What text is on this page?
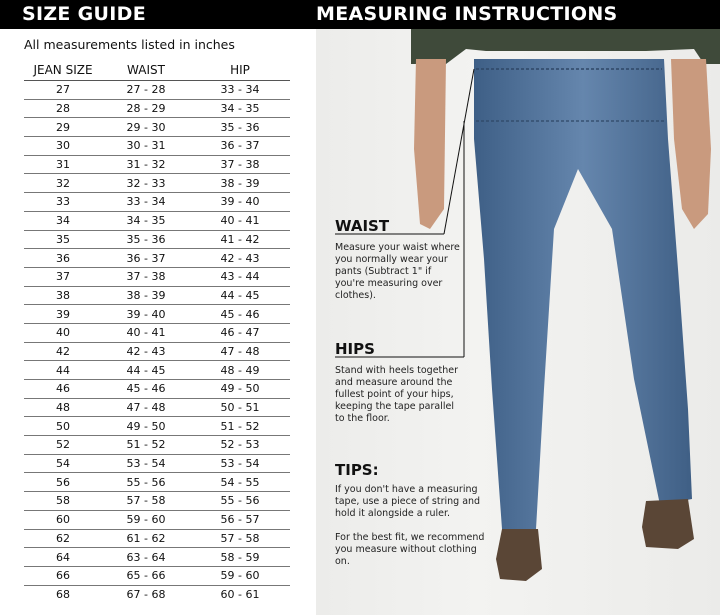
SIZE GUIDE	MEASURING INSTRUCTIONS
All measurements listed in inches
JEAN SIZE	WAIST	HIP
27	27 - 28	33 - 34
28	28 - 29	34 - 35
29	29 - 30	35 - 36
30	30 - 31	36 - 37
31	31 - 32	37 - 38
32	32 - 33	38 - 39
33	33 - 34	39 - 40
34	34 - 35	40 - 41
35	35 - 36	41 - 42
36	36 - 37	42 - 43
37	37 - 38	43 - 44
38	38 - 39	44 - 45
39	39 - 40	45 - 46
40	40 - 41	46 - 47
42	42 - 43	47 - 48
44	44 - 45	48 - 49
46	45 - 46	49 - 50
48	47 - 48	50 - 51
50	49 - 50	51 - 52
52	51 - 52	52 - 53
54	53 - 54	53 - 54
56	55 - 56	54 - 55
58	57 - 58	55 - 56
60	59 - 60	56 - 57
62	61 - 62	57 - 58
64	63 - 64	58 - 59
66	65 - 66	59 - 60
68	67 - 68	60 - 61
WAIST
Measure your waist where you normally wear your pants (Subtract 1" if you're measuring over clothes).
HIPS
Stand with heels together and measure around the fullest point of your hips, keeping the tape parallel to the floor.
TIPS:
If you don't have a measuring tape, use a piece of string and hold it alongside a ruler.
For the best fit, we recommend you measure without clothing on.
